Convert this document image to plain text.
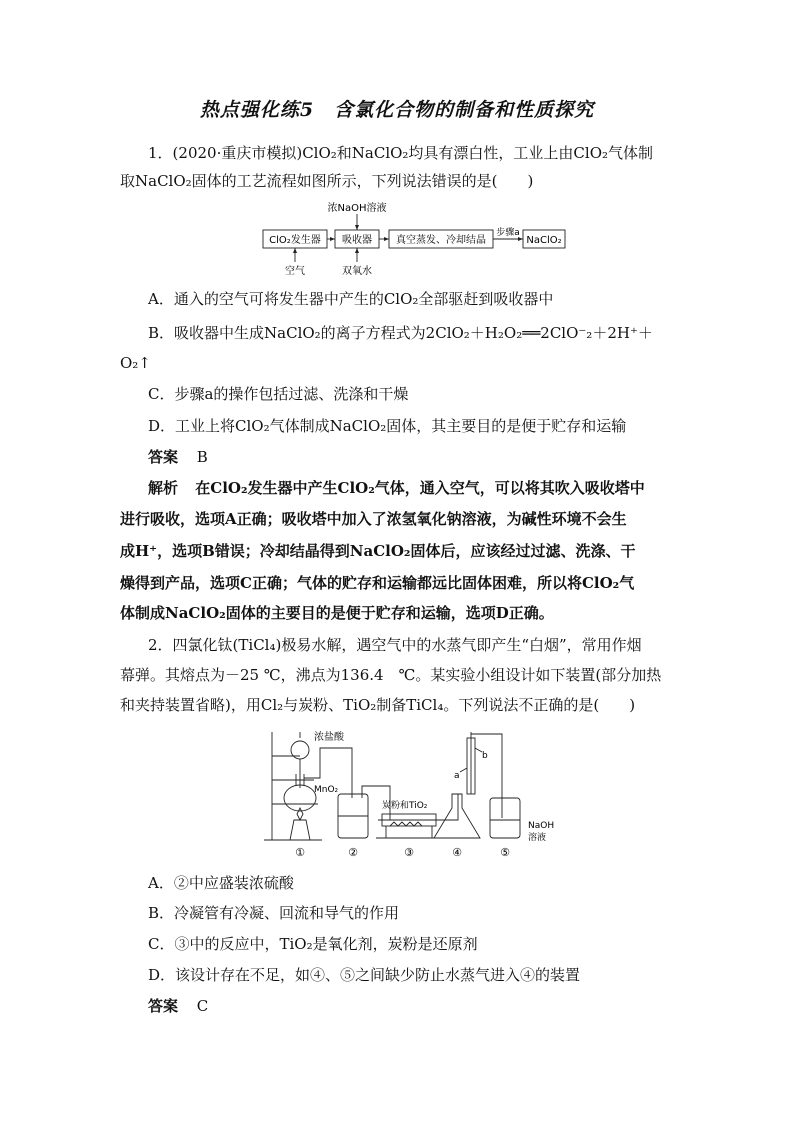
热点强化练5　含氯化合物的制备和性质探究
1．(2020·重庆市模拟)ClO₂和NaClO₂均具有漂白性，工业上由ClO₂气体制
取NaClO₂固体的工艺流程如图所示，下列说法错误的是(　　)
浓NaOH溶液
ClO₂发生器 吸收器 真空蒸发、冷却结晶
步骤a
NaClO₂
空气	双氧水
A．通入的空气可将发生器中产生的ClO₂全部驱赶到吸收器中
B．吸收器中生成NaClO₂的离子方程式为2ClO₂＋H₂O₂══2ClO⁻₂＋2H⁺＋
O₂↑
C．步骤a的操作包括过滤、洗涤和干燥
D．工业上将ClO₂气体制成NaClO₂固体，其主要目的是便于贮存和运输
答案 B
解析 在ClO₂发生器中产生ClO₂气体，通入空气，可以将其吹入吸收塔中
进行吸收，选项A正确；吸收塔中加入了浓氢氧化钠溶液，为碱性环境不会生
成H⁺，选项B错误；冷却结晶得到NaClO₂固体后，应该经过过滤、洗涤、干
燥得到产品，选项C正确；气体的贮存和运输都远比固体困难，所以将ClO₂气
体制成NaClO₂固体的主要目的是便于贮存和运输，选项D正确。
2．四氯化钛(TiCl₄)极易水解，遇空气中的水蒸气即产生“白烟”，常用作烟
幕弹。其熔点为－25 ℃，沸点为136.4　℃。某实验小组设计如下装置(部分加热
和夹持装置省略)，用Cl₂与炭粉、TiO₂制备TiCl₄。下列说法不正确的是(　　)
浓盐酸
MnO₂
炭粉和TiO₂
a
b
NaOH
溶液
①	②	③	④	⑤
A．②中应盛装浓硫酸
B．冷凝管有冷凝、回流和导气的作用
C．③中的反应中，TiO₂是氧化剂，炭粉是还原剂
D．该设计存在不足，如④、⑤之间缺少防止水蒸气进入④的装置
答案 C
